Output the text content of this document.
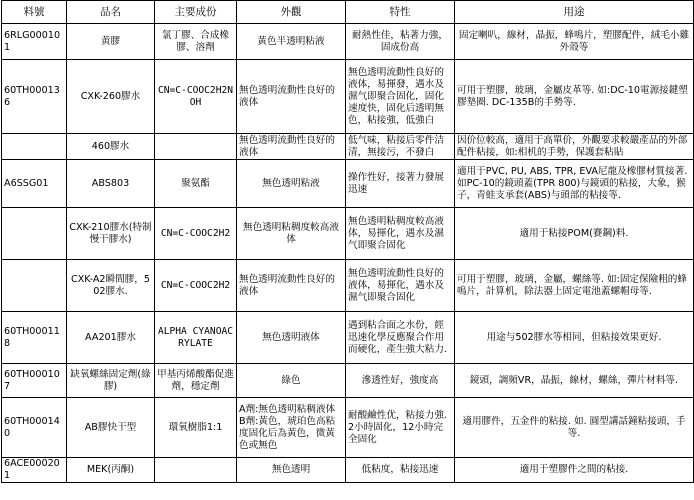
料號	品名	主要成份	外觀	特性	用途
6RLG000101	黄膠	氯丁膠、合成橡膠、溶劑	黃色半透明粘液	耐熱性佳，粘著力強，固成份高	固定喇叭，線材，晶振，蜂鳴片，塑膠配件，絨毛小雞外殼等
60TH000136	CXK-260膠水	CN=C-COOC2H2NOH	無色透明流動性良好的液体	無色透明流動性良好的液体，易揮發，遇水及濕气即聚合固化，固化速度快，固化后透明無色，粘接強，低強白	可用于塑膠，玻璃，金屬皮革等. 如:DC-10電源接鍵塑膠墊圈. DC-135B的手勢等.
	460膠水		無色透明流動性良好的液体	低气味，粘接后零件洁清，無接污，不發白	因价位較高，適用于高單价，外觀要求較嚴產品的外部配件粘接，如:相机的手勢，保護套粘貼
A6SSG01	ABS803	聚氨酯	無色透明粘液	操作性好，接著力發展迅速	適用于PVC, PU, ABS, TPR, EVA尼龍及橡膠材質接著. 如PC-10的鏡頭蓋(TPR 800)与鏡頭的粘接，大象，猴子，青蛙支承套(ABS)与頭部的粘接等.
	CXK-210膠水(特制慢干膠水)	CN=C-COOC2H2	無色透明粘稠度較高液体	無色透明粘稠度較高液体，易揮化，遇水及濕气即聚合固化	適用于粘接POM(賽鋼)料.
	CXK-A2瞬間膠，502膠水.	CN=C-COOC2H2	無色透明流動性良好的液体	無色透明流動性良好的液体，易揮化，遇水及濕气即聚合固化	可用于塑膠，玻璃，金屬，螺絲等. 如:固定保險粗的蜂鳴片，計算机，除法器上固定電池蓋螺帽母等.
60TH000118	AA201膠水	ALPHA CYANOACRYLATE	無色透明液体	遇到粘合面之水份，經迅速化學反應聚合作用而硬化，產生強大粘力.	用途与502膠水等相同，但粘接效果更好.
60TH000107	缺氧螺絲固定劑(綠膠)	甲基丙烯酸酯促進劑，穩定劑	綠色	滲透性好，強度高	鏡頭，調頻VR，晶振，線材，螺絲，彈片材料等.
60TH000140	AB膠快干型	環氧樹脂1:1	A劑:無色透明粘稠液体 B劑:黃色，琥珀色高粘度固化后為黃色，微黃色或無色	耐酸鹼性优，粘接力強. 2小時固化，12小時完全固化	適用膠件，五金件的粘接. 如. 圓型講話鐘粘接頭，手等.
6ACE000201	MEK(丙酮)		無色透明	低粘度，粘接迅速	適用于塑膠件之間的粘接.
